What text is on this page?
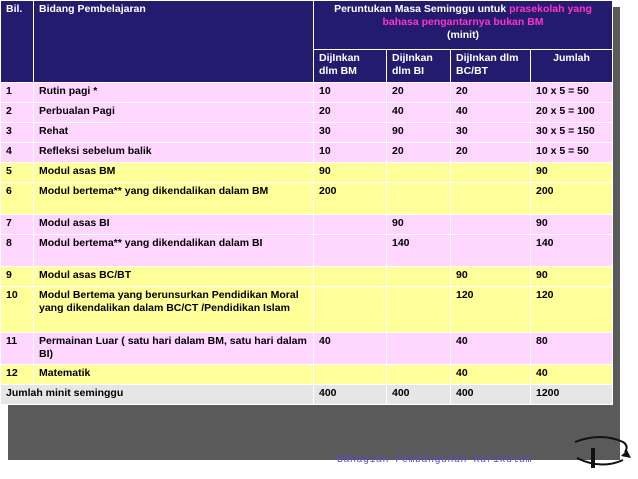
Bil.	Bidang Pembelajaran	Peruntukan Masa Seminggu untuk prasekolah yang bahasa pengantarnya bukan BM
(minit)			
		DijInkan dlm BM	DijInkan dlm BI	DijInkan dlm BC/BT	Jumlah
1	Rutin pagi *	10	20	20	10 x 5 = 50
2	Perbualan Pagi	20	40	40	20 x 5 = 100
3	Rehat	30	90	30	30 x 5 = 150
4	Refleksi sebelum balik	10	20	20	10 x 5 = 50
5	Modul asas BM	90			90
6	Modul bertema** yang dikendalikan dalam BM	200			200
7	Modul asas BI		90		90
8	Modul bertema** yang dikendalikan dalam BI		140		140
9	Modul asas BC/BT			90	90
10	Modul Bertema yang berunsurkan Pendidikan Moral yang dikendalikan dalam BC/CT /Pendidikan Islam			120	120
11	Permainan Luar ( satu hari dalam BM, satu hari dalam BI)	40		40	80
12	Matematik			40	40
Jumlah minit seminggu		400	400	400	1200
Bahagian Pembangunan Kurikulum
